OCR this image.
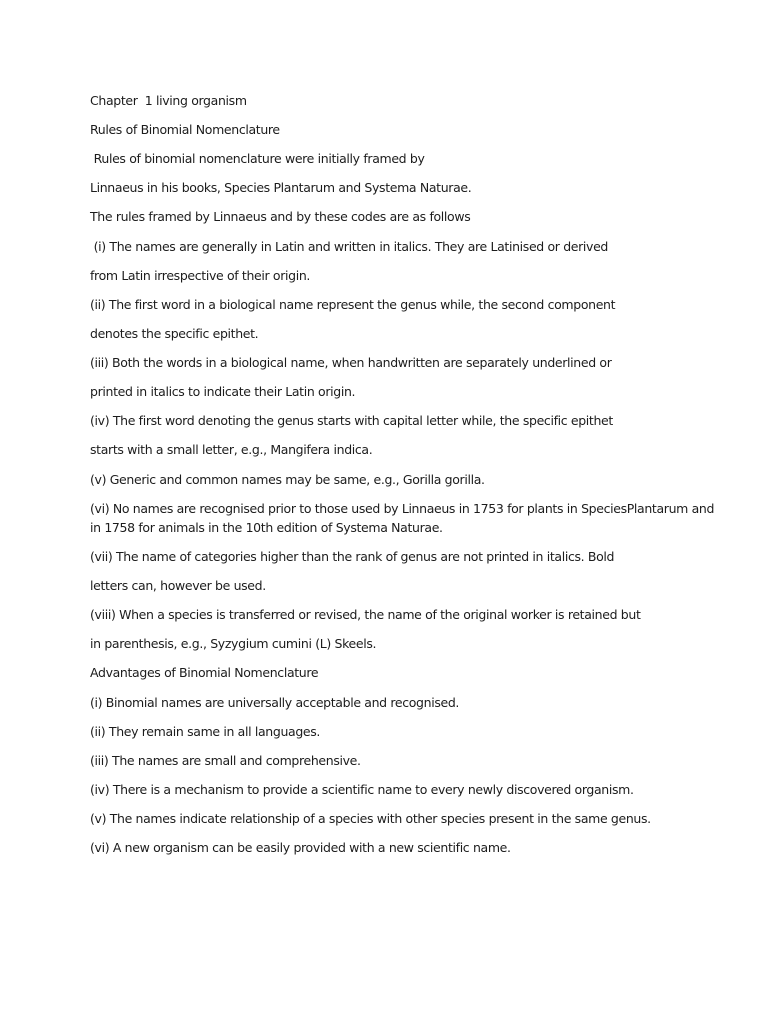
Chapter  1 living organism

Rules of Binomial Nomenclature

Rules of binomial nomenclature were initially framed by

Linnaeus in his books, Species Plantarum and Systema Naturae.

The rules framed by Linnaeus and by these codes are as follows

(i) The names are generally in Latin and written in italics. They are Latinised or derived

from Latin irrespective of their origin.

(ii) The first word in a biological name represent the genus while, the second component

denotes the specific epithet.

(iii) Both the words in a biological name, when handwritten are separately underlined or

printed in italics to indicate their Latin origin.

(iv) The first word denoting the genus starts with capital letter while, the specific epithet

starts with a small letter, e.g., Mangifera indica.

(v) Generic and common names may be same, e.g., Gorilla gorilla.

(vi) No names are recognised prior to those used by Linnaeus in 1753 for plants in SpeciesPlantarum and

in 1758 for animals in the 10th edition of Systema Naturae.

(vii) The name of categories higher than the rank of genus are not printed in italics. Bold

letters can, however be used.

(viii) When a species is transferred or revised, the name of the original worker is retained but

in parenthesis, e.g., Syzygium cumini (L) Skeels.

Advantages of Binomial Nomenclature

(i) Binomial names are universally acceptable and recognised.

(ii) They remain same in all languages.

(iii) The names are small and comprehensive.

(iv) There is a mechanism to provide a scientific name to every newly discovered organism.

(v) The names indicate relationship of a species with other species present in the same genus.

(vi) A new organism can be easily provided with a new scientific name.
